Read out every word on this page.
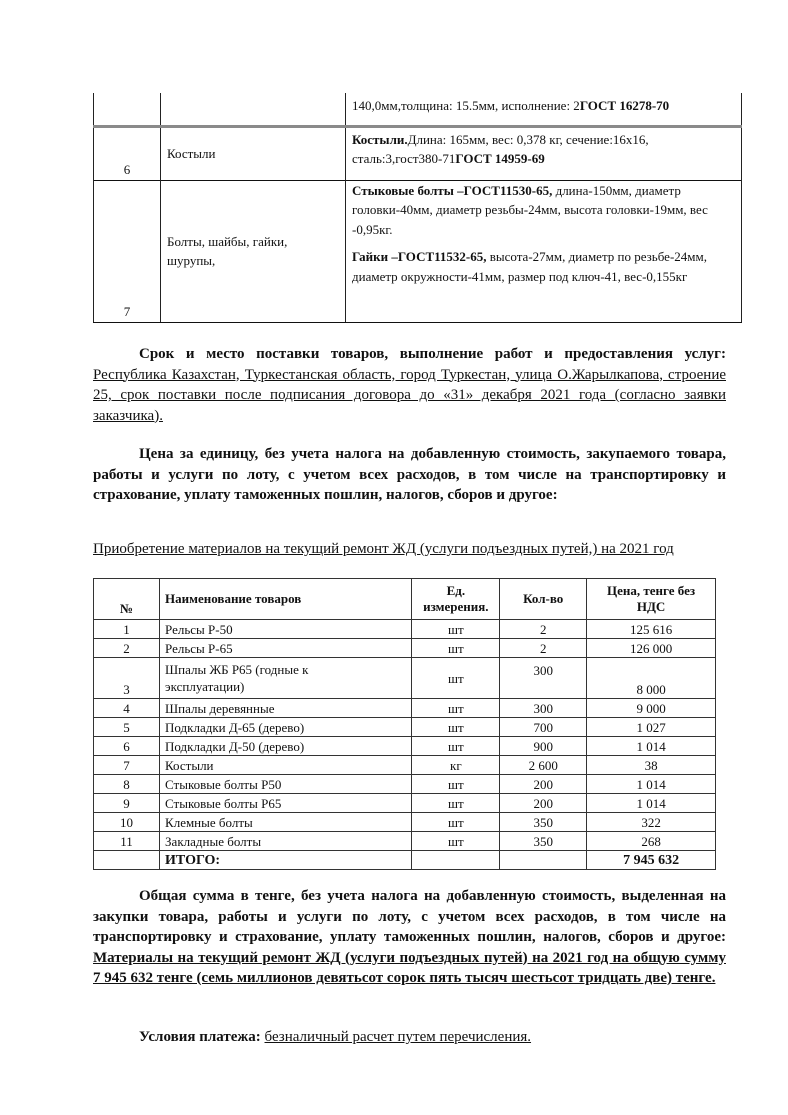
		140,0мм,толщина: 15.5мм, исполнение: 2ГОСТ 16278-70
6	Костыли	Костыли.Длина: 165мм, вес: 0,378 кг, сечение:16х16, сталь:3,гост380-71ГОСТ 14959-69
7	Болты, шайбы, гайки, шурупы,	Стыковые болты –ГОСТ11530-65, длина-150мм, диаметр головки-40мм, диаметр резьбы-24мм, высота головки-19мм, вес -0,95кг.

Гайки –ГОСТ11532-65, высота-27мм, диаметр по резьбе-24мм, диаметр окружности-41мм, размер под ключ-41, вес-0,155кг

Срок и место поставки товаров, выполнение работ и предоставления услуг: Республика Казахстан, Туркестанская область, город Туркестан, улица О.Жарылкапова, строение 25, срок поставки после подписания договора до «31» декабря 2021 года (согласно заявки заказчика).
Цена за единицу, без учета налога на добавленную стоимость, закупаемого товара, работы и услуги по лоту, с учетом всех расходов, в том числе на транспортировку и страхование, уплату таможенных пошлин, налогов, сборов и другое:
Приобретение материалов на текущий ремонт ЖД (услуги подъездных путей,) на 2021 год
№	Наименование товаров	Ед. измерения.	Кол-во	Цена, тенге без НДС
1	Рельсы Р-50	шт	2	125 616
2	Рельсы Р-65	шт	2	126 000
3	Шпалы ЖБ Р65 (годные к эксплуатации)	шт	300	8 000
4	Шпалы деревянные	шт	300	9 000
5	Подкладки Д-65 (дерево)	шт	700	1 027
6	Подкладки Д-50 (дерево)	шт	900	1 014
7	Костыли	кг	2 600	38
8	Стыковые болты Р50	шт	200	1 014
9	Стыковые болты Р65	шт	200	1 014
10	Клемные болты	шт	350	322
11	Закладные болты	шт	350	268
	ИТОГО:			7 945 632
Общая сумма в тенге, без учета налога на добавленную стоимость, выделенная на закупки товара, работы и услуги по лоту, с учетом всех расходов, в том числе на транспортировку и страхование, уплату таможенных пошлин, налогов, сборов и другое: Материалы на текущий ремонт ЖД (услуги подъездных путей) на 2021 год на общую сумму 7 945 632 тенге (семь миллионов девятьсот сорок пять тысяч шестьсот тридцать две) тенге.
Условия платежа: безналичный расчет путем перечисления.
